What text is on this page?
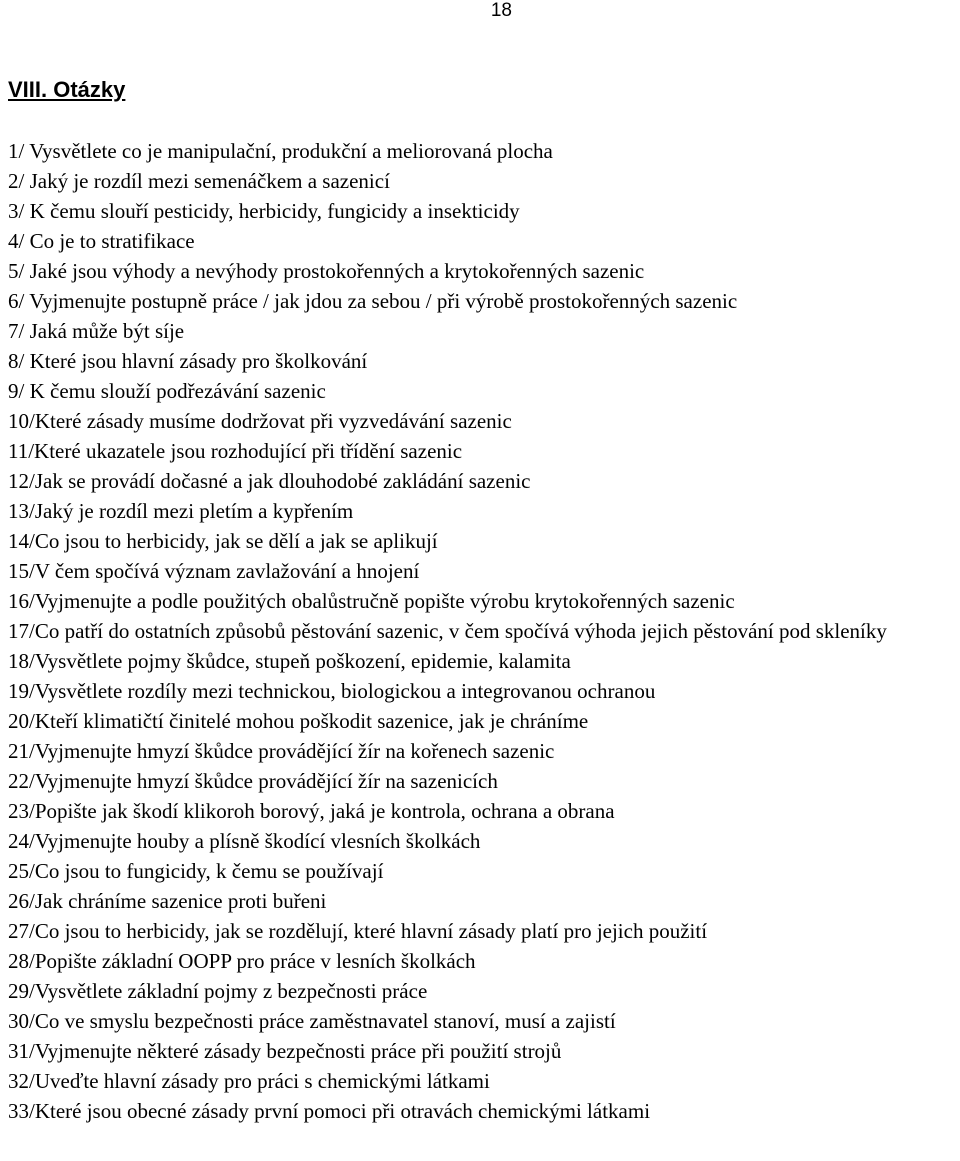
18
VIII. Otázky
1/ Vysvětlete co je manipulační, produkční a meliorovaná plocha
2/ Jaký je rozdíl mezi semenáčkem a sazenicí
3/ K čemu slouří pesticidy, herbicidy, fungicidy a insekticidy
4/ Co je to stratifikace
5/ Jaké jsou výhody a nevýhody prostokořenných a krytokořenných sazenic
6/ Vyjmenujte postupně práce / jak jdou za sebou / při výrobě prostokořenných sazenic
7/ Jaká může být síje
8/ Které jsou hlavní zásady pro školkování
9/ K čemu slouží podřezávání sazenic
10/Které zásady musíme dodržovat při vyzvedávání sazenic
11/Které ukazatele jsou rozhodující při třídění sazenic
12/Jak se provádí dočasné a jak dlouhodobé zakládání sazenic
13/Jaký je rozdíl mezi pletím a kypřením
14/Co jsou to herbicidy, jak se dělí a jak se aplikují
15/V čem spočívá význam zavlažování a hnojení
16/Vyjmenujte a podle použitých obalůstručně popište výrobu krytokořenných sazenic
17/Co patří do ostatních způsobů pěstování sazenic, v čem spočívá výhoda jejich pěstování pod skleníky
18/Vysvětlete pojmy škůdce, stupeň poškození, epidemie, kalamita
19/Vysvětlete rozdíly mezi technickou, biologickou a integrovanou ochranou
20/Kteří klimatičtí činitelé mohou poškodit sazenice, jak je chráníme
21/Vyjmenujte hmyzí škůdce provádějící žír na kořenech sazenic
22/Vyjmenujte hmyzí škůdce provádějící žír na sazenicích
23/Popište jak škodí klikoroh borový, jaká je kontrola, ochrana a obrana
24/Vyjmenujte houby a plísně škodící vlesních školkách
25/Co jsou to fungicidy, k čemu se používají
26/Jak chráníme sazenice proti buřeni
27/Co jsou to herbicidy, jak se rozdělují, které hlavní zásady platí pro jejich použití
28/Popište základní OOPP pro práce v lesních školkách
29/Vysvětlete základní pojmy z bezpečnosti práce
30/Co ve smyslu bezpečnosti práce zaměstnavatel stanoví, musí a zajistí
31/Vyjmenujte některé zásady bezpečnosti práce při použití strojů
32/Uveďte hlavní zásady pro práci s chemickými látkami
33/Které jsou obecné zásady první pomoci při otravách chemickými látkami
